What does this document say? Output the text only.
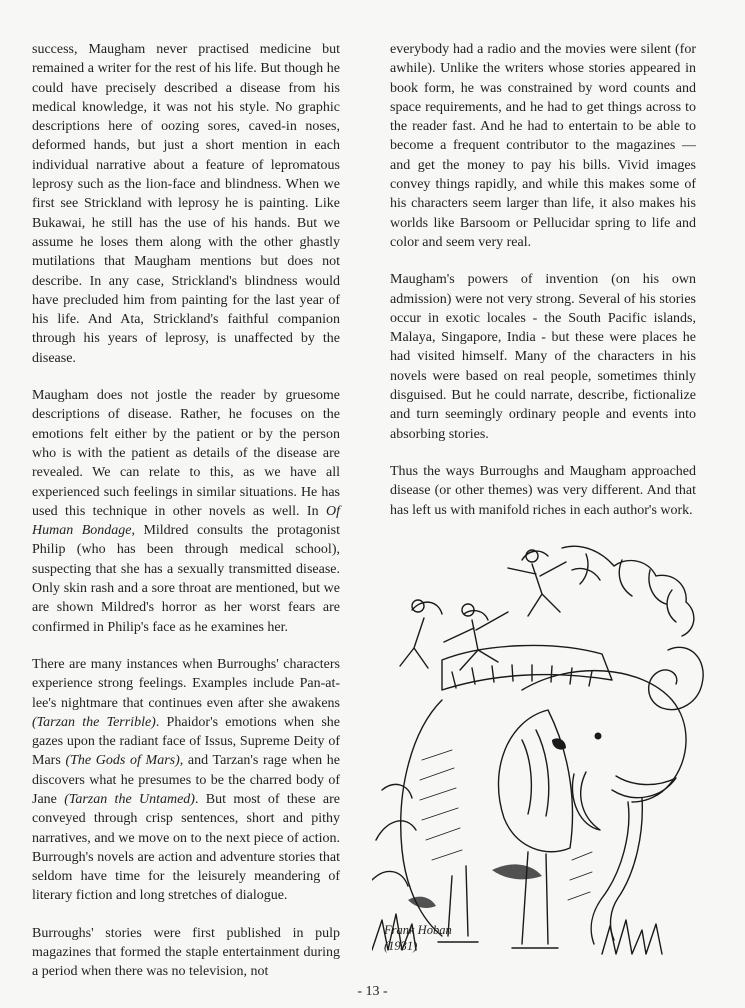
success, Maugham never practised medicine but remained a writer for the rest of his life. But though he could have precisely described a disease from his medical knowledge, it was not his style. No graphic descriptions here of oozing sores, caved-in noses, deformed hands, but just a short mention in each individual narrative about a feature of lepromatous leprosy such as the lion-face and blindness. When we first see Strickland with leprosy he is painting. Like Bukawai, he still has the use of his hands. But we assume he loses them along with the other ghastly mutilations that Maugham mentions but does not describe. In any case, Strickland's blindness would have precluded him from painting for the last year of his life. And Ata, Strickland's faithful companion through his years of leprosy, is unaffected by the disease.

Maugham does not jostle the reader by gruesome descriptions of disease. Rather, he focuses on the emotions felt either by the patient or by the person who is with the patient as details of the disease are revealed. We can relate to this, as we have all experienced such feelings in similar situations. He has used this technique in other novels as well. In Of Human Bondage, Mildred consults the protagonist Philip (who has been through medical school), suspecting that she has a sexually transmitted disease. Only skin rash and a sore throat are mentioned, but we are shown Mildred's horror as her worst fears are confirmed in Philip's face as he examines her.

There are many instances when Burroughs' characters experience strong feelings. Examples include Pan-at-lee's nightmare that continues even after she awakens (Tarzan the Terrible). Phaidor's emotions when she gazes upon the radiant face of Issus, Supreme Deity of Mars (The Gods of Mars), and Tarzan's rage when he discovers what he presumes to be the charred body of Jane (Tarzan the Untamed). But most of these are conveyed through crisp sentences, short and pithy narratives, and we move on to the next piece of action. Burrough's novels are action and adventure stories that seldom have time for the leisurely meandering of literary fiction and long stretches of dialogue.

Burroughs' stories were first published in pulp magazines that formed the staple entertainment during a period when there was no television, not

everybody had a radio and the movies were silent (for awhile). Unlike the writers whose stories appeared in book form, he was constrained by word counts and space requirements, and he had to get things across to the reader fast. And he had to entertain to be able to become a frequent contributor to the magazines — and get the money to pay his bills. Vivid images convey things rapidly, and while this makes some of his characters seem larger than life, it also makes his worlds like Barsoom or Pellucidar spring to life and color and seem very real.

Maugham's powers of invention (on his own admission) were not very strong. Several of his stories occur in exotic locales - the South Pacific islands, Malaya, Singapore, India - but these were places he had visited himself. Many of the characters in his novels were based on real people, sometimes thinly disguised. But he could narrate, describe, fictionalize and turn seemingly ordinary people and events into absorbing stories.

Thus the ways Burroughs and Maugham approached disease (or other themes) was very different. And that has left us with manifold riches in each author's work.

Frank Hoban
(1931)
- 13 -
